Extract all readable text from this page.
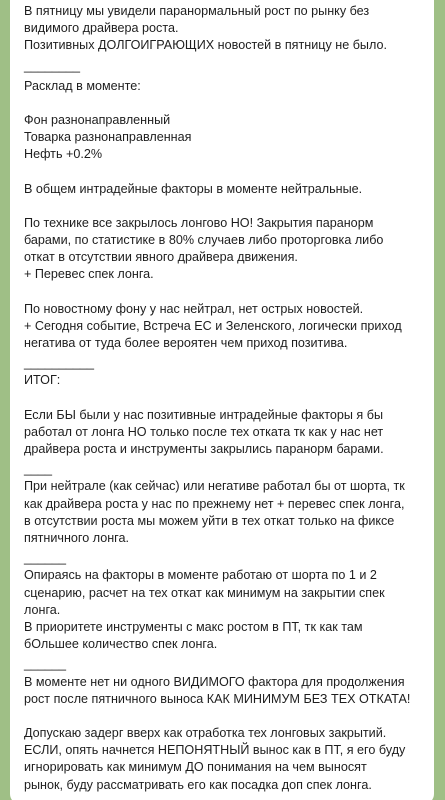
В пятницу мы увидели паранормальный рост по рынку без

видимого драйвера роста.

Позитивных ДОЛГОИГРАЮЩИХ новостей в пятницу не было.

________

Расклад в моменте:

Фон разнонаправленный

Товарка разнонаправленная

Нефть +0.2%

В общем интрадейные факторы в моменте нейтральные.

По технике все закрылось лонгово НО! Закрытия паранорм

барами, по статистике в 80% случаев либо проторговка либо

откат в отсутствии явного драйвера движения.

+ Перевес спек лонга.

По новостному фону у нас нейтрал, нет острых новостей.

+ Сегодня событие, Встреча ЕС и Зеленского, логически приход

негатива от туда более вероятен чем приход позитива.

__________

ИТОГ:

Если БЫ были у нас позитивные интрадейные факторы я бы

работал от лонга НО только после тех отката тк как у нас нет

драйвера роста и инструменты закрылись паранорм барами.

____

При нейтрале (как сейчас) или негативе работал бы от шорта, тк

как драйвера роста у нас по прежнему нет + перевес спек лонга,

в отсутствии роста мы можем уйти в тех откат только на фиксе

пятничного лонга.

______

Опираясь на факторы в моменте работаю от шорта по 1 и 2

сценарию, расчет на тех откат как минимум на закрытии спек

лонга.

В приоритете инструменты с макс ростом в ПТ, тк как там

бОльшее количество спек лонга.

______

В моменте нет ни одного ВИДИМОГО фактора для продолжения

рост после пятничного выноса КАК МИНИМУМ БЕЗ ТЕХ ОТКАТА!

Допускаю задерг вверх как отработка тех лонговых закрытий.

ЕСЛИ, опять начнется НЕПОНЯТНЫЙ вынос как в ПТ, я его буду

игнорировать как минимум ДО понимания на чем выносят

рынок, буду рассматривать его как посадка доп спек лонга.
